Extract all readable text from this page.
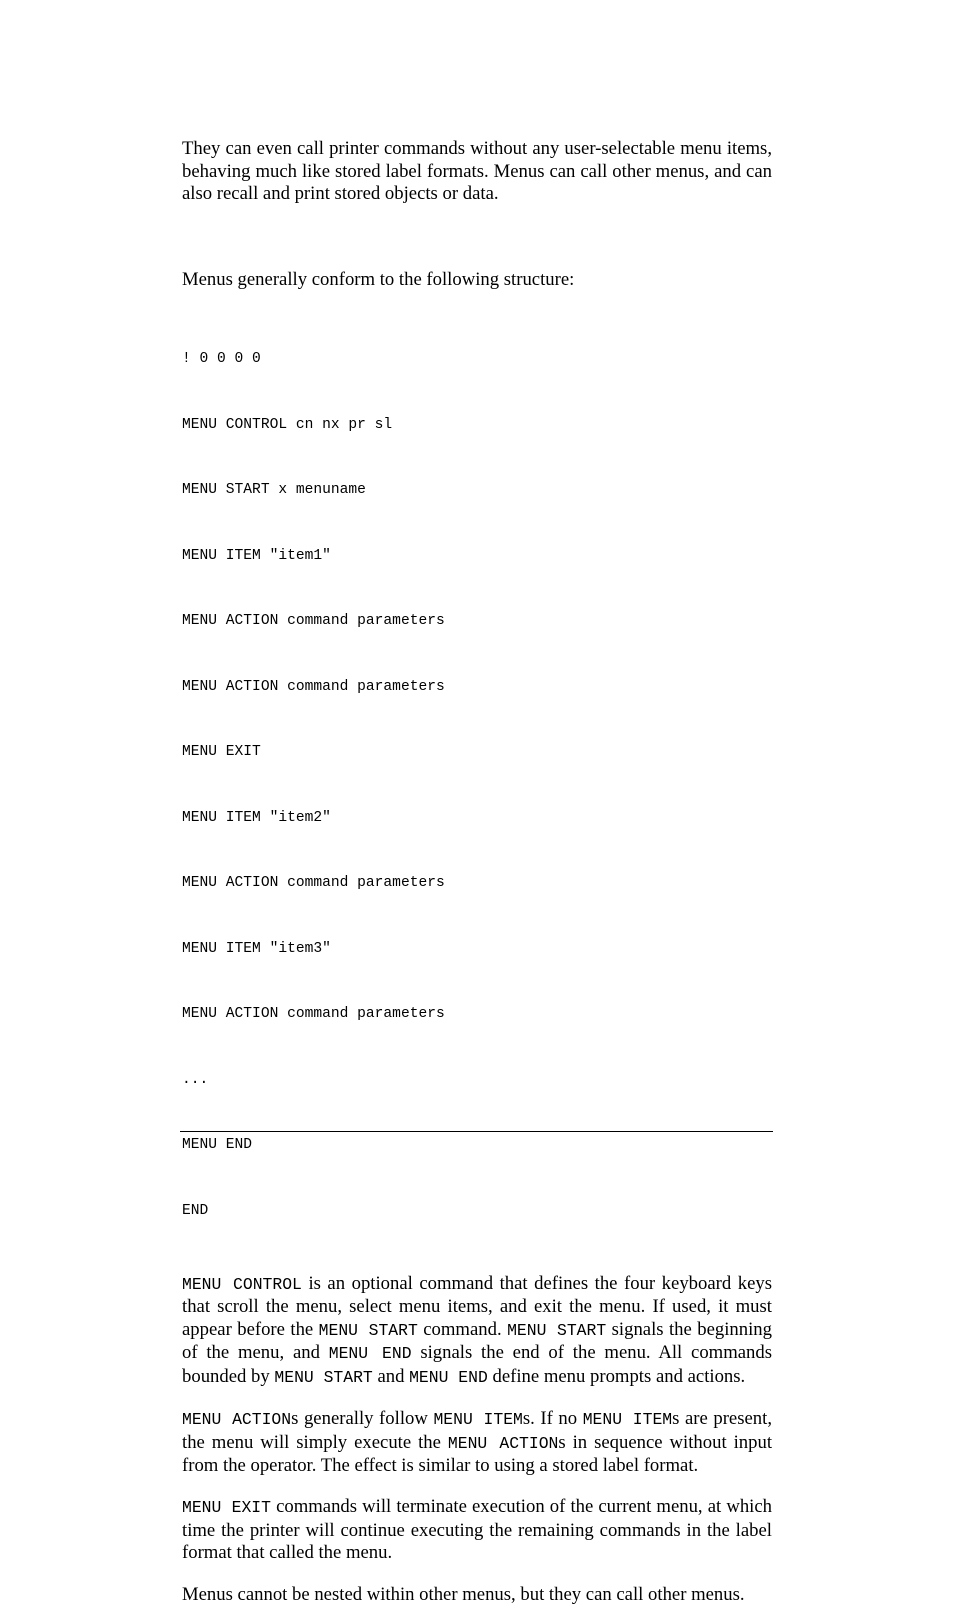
They can even call printer commands without any user-selectable menu items, behaving much like stored label formats. Menus can call other menus, and can also recall and print stored objects or data.

Menus generally conform to the following structure:

! 0 0 0 0

MENU CONTROL cn nx pr sl

MENU START x menuname

MENU ITEM "item1"

MENU ACTION command parameters

MENU ACTION command parameters

MENU EXIT

MENU ITEM "item2"

MENU ACTION command parameters

MENU ITEM "item3"

MENU ACTION command parameters

...

MENU END

END

MENU CONTROL is an optional command that defines the four keyboard keys that scroll the menu, select menu items, and exit the menu. If used, it must appear before the MENU START command. MENU START signals the beginning of the menu, and MENU END signals the end of the menu. All commands bounded by MENU START and MENU END define menu prompts and actions.

MENU ACTIONs generally follow MENU ITEMs. If no MENU ITEMs are present, the menu will simply execute the MENU ACTIONs in sequence without input from the operator. The effect is similar to using a stored label format.

MENU EXIT commands will terminate execution of the current menu, at which time the printer will continue executing the remaining commands in the label format that called the menu.

Menus cannot be nested within other menus, but they can call other menus.
